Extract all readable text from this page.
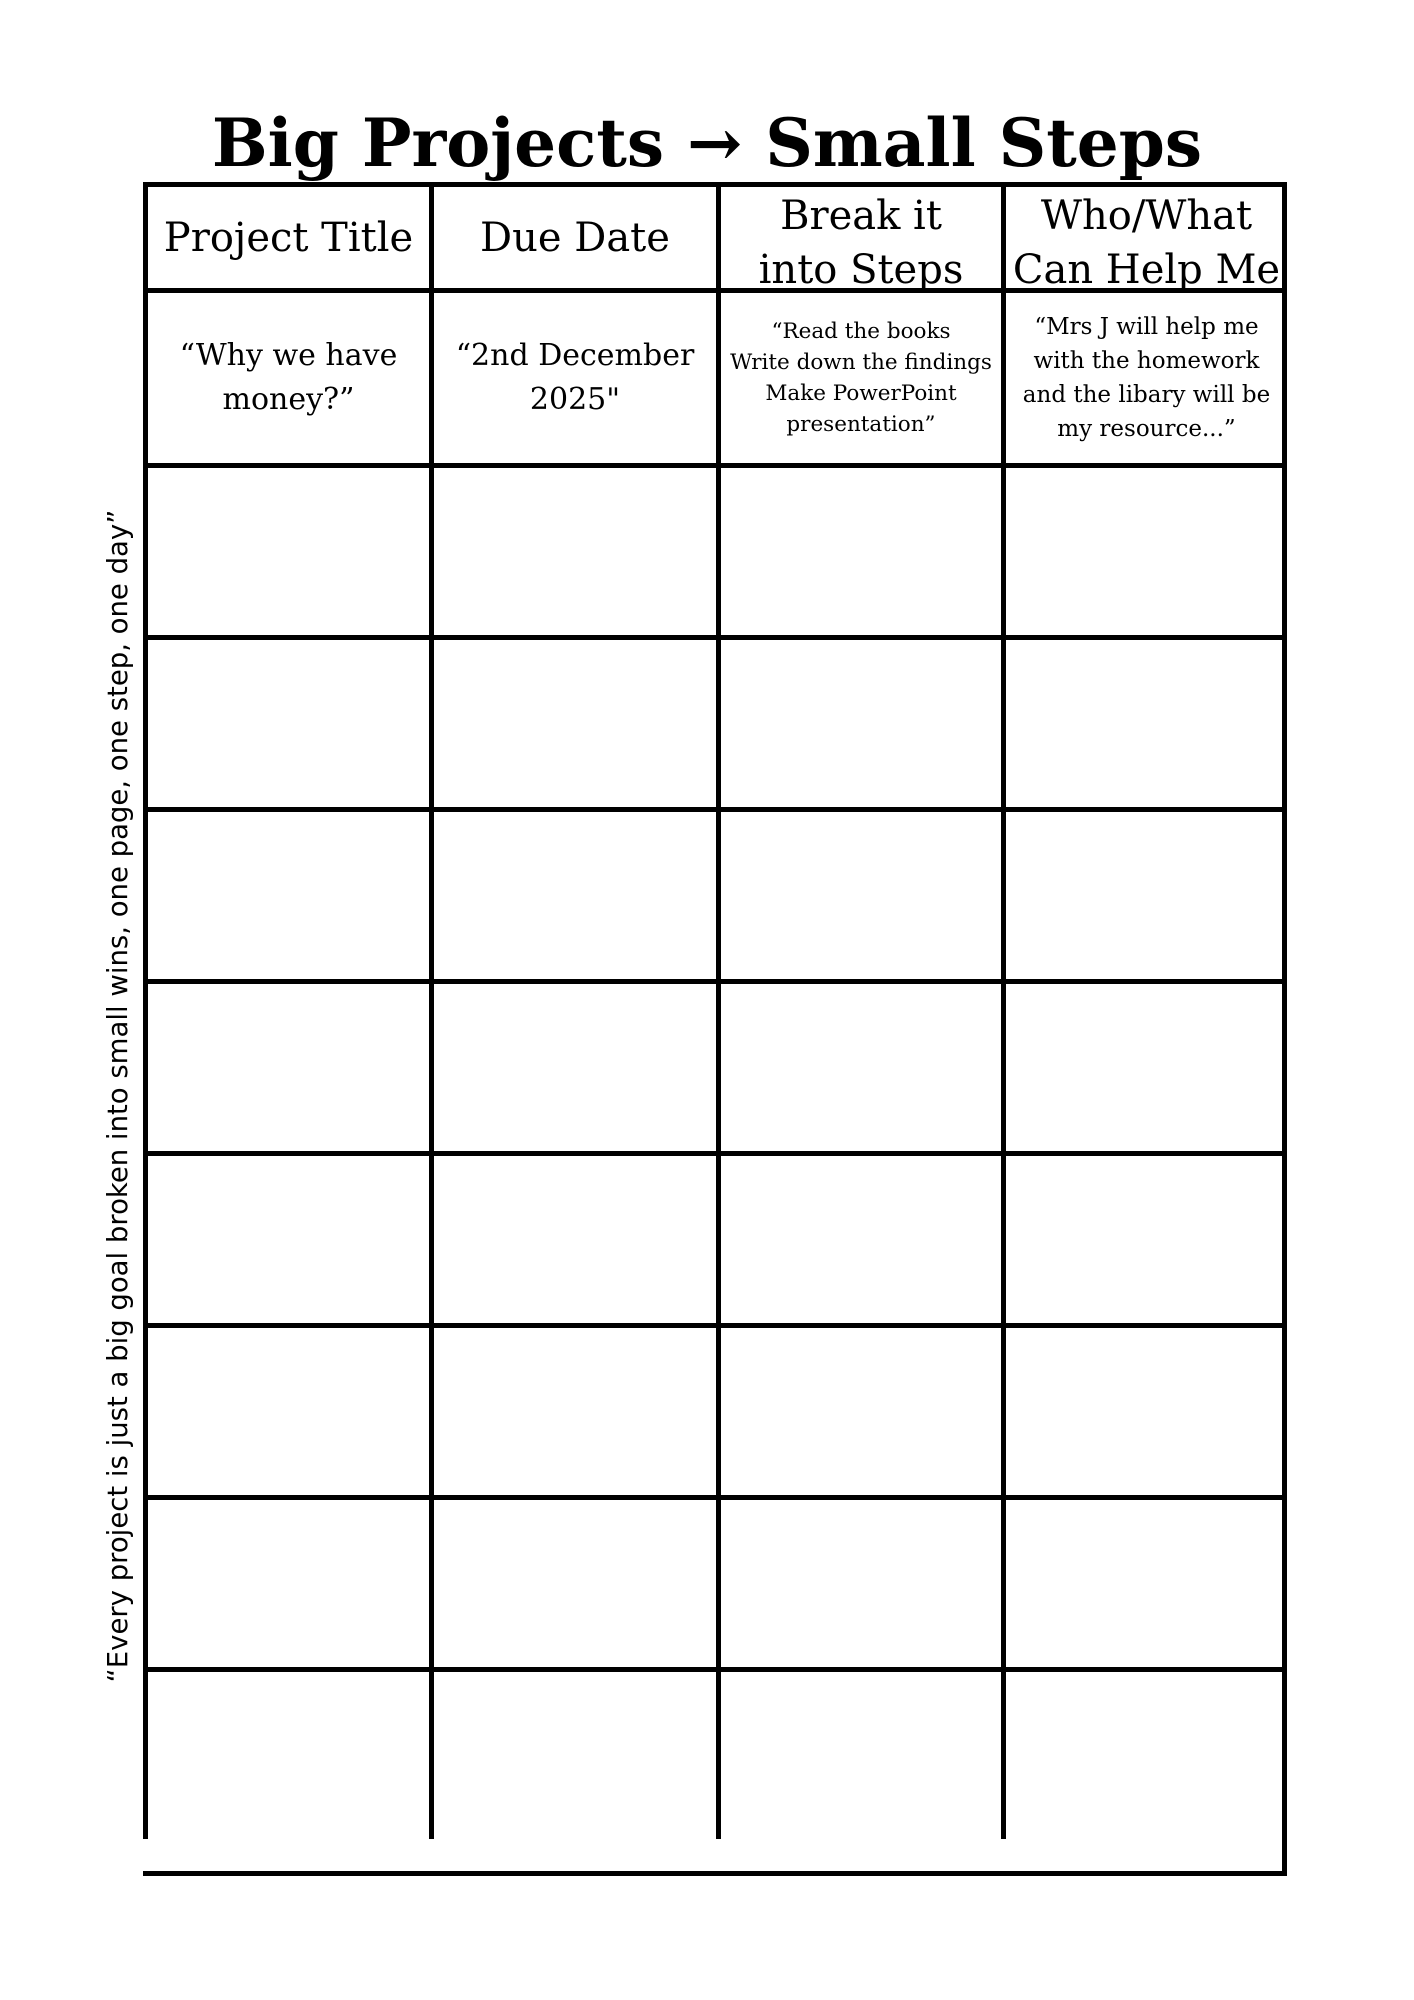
Big Projects → Small Steps
“Every project is just a big goal broken into small wins, one page, one step, one day”
Project Title Due Date	Break it
into Steps
Who/What
Can Help Me
“Why we have
money?”
“2nd December
2025"
“Read the books
Write down the findings
Make PowerPoint
presentation”
“Mrs J will help me
with the homework
and the libary will be
my resource...”
